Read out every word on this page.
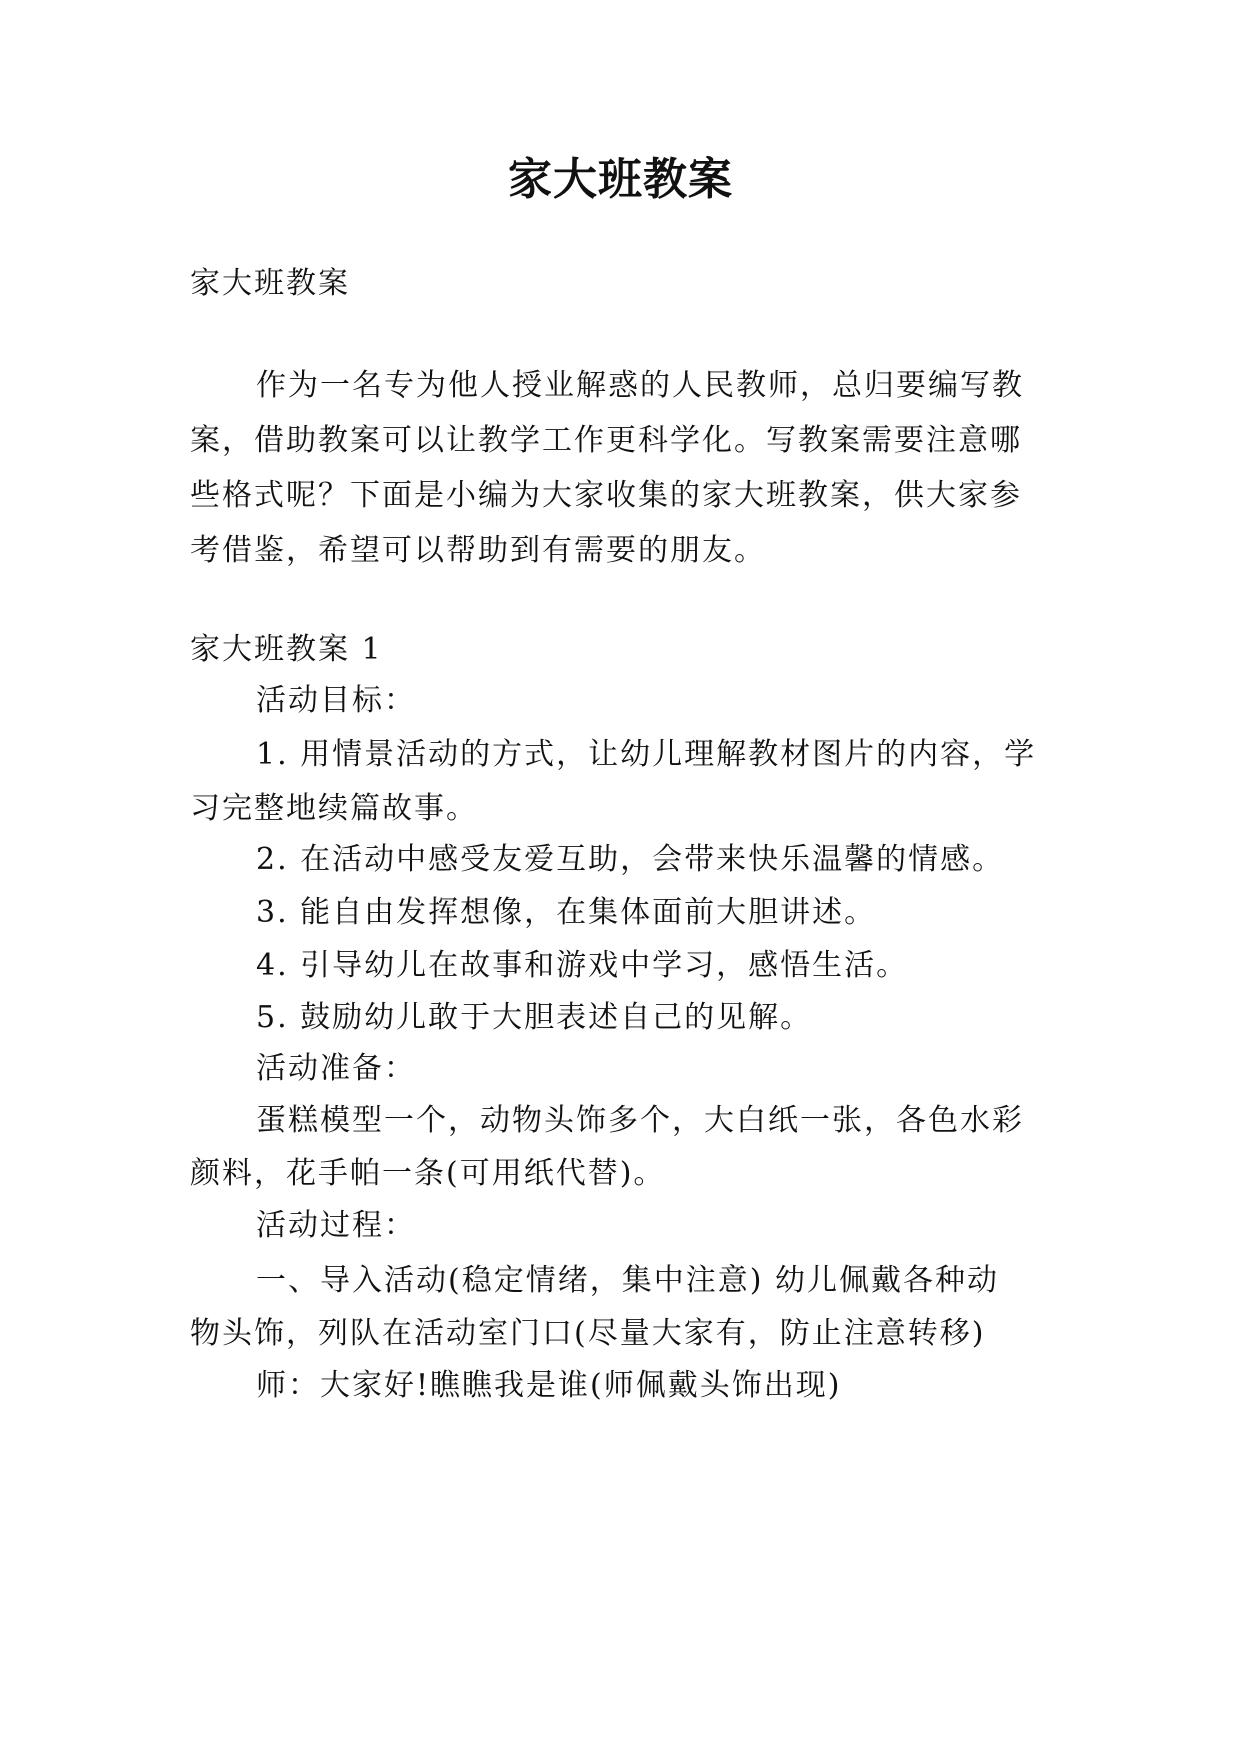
家大班教案
家大班教案
作为一名专为他人授业解惑的人民教师，总归要编写教
案，借助教案可以让教学工作更科学化。写教案需要注意哪
些格式呢？下面是小编为大家收集的家大班教案，供大家参
考借鉴，希望可以帮助到有需要的朋友。
家大班教案 1
活动目标：
1. 用情景活动的方式，让幼儿理解教材图片的内容，学
习完整地续篇故事。
2. 在活动中感受友爱互助，会带来快乐温馨的情感。
3. 能自由发挥想像，在集体面前大胆讲述。
4. 引导幼儿在故事和游戏中学习，感悟生活。
5. 鼓励幼儿敢于大胆表述自己的见解。
活动准备：
蛋糕模型一个，动物头饰多个，大白纸一张，各色水彩
颜料，花手帕一条(可用纸代替)。
活动过程：
一、导入活动(稳定情绪，集中注意) 幼儿佩戴各种动
物头饰，列队在活动室门口(尽量大家有，防止注意转移)
师：大家好!瞧瞧我是谁(师佩戴头饰出现)
